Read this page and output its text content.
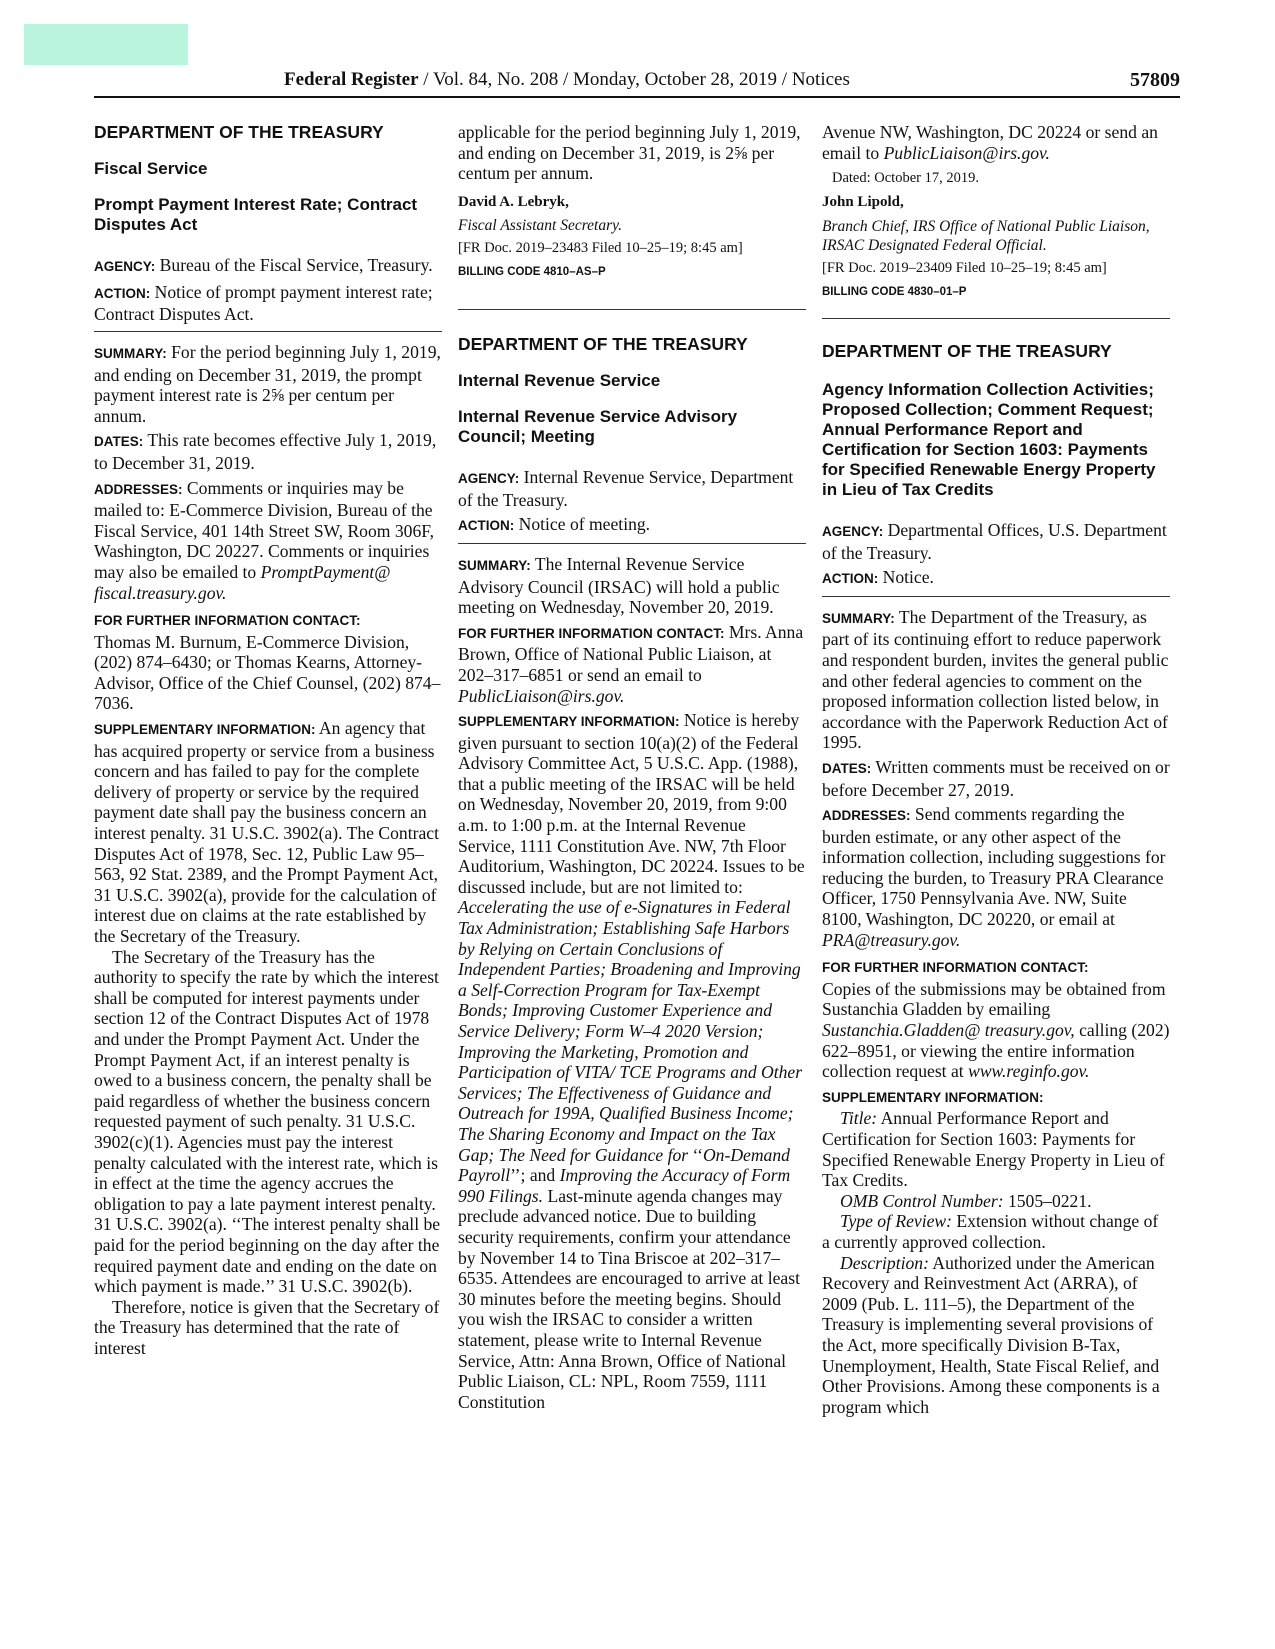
Federal Register / Vol. 84, No. 208 / Monday, October 28, 2019 / Notices	57809

DEPARTMENT OF THE TREASURY

Fiscal Service

Prompt Payment Interest Rate; Contract Disputes Act

AGENCY: Bureau of the Fiscal Service, Treasury.

ACTION: Notice of prompt payment interest rate; Contract Disputes Act.

SUMMARY: For the period beginning July 1, 2019, and ending on December 31, 2019, the prompt payment interest rate is 2⅝ per centum per annum.

DATES: This rate becomes effective July 1, 2019, to December 31, 2019.

ADDRESSES: Comments or inquiries may be mailed to: E-Commerce Division, Bureau of the Fiscal Service, 401 14th Street SW, Room 306F, Washington, DC 20227. Comments or inquiries may also be emailed to PromptPayment@ fiscal.treasury.gov.

FOR FURTHER INFORMATION CONTACT:

Thomas M. Burnum, E-Commerce Division, (202) 874–6430; or Thomas Kearns, Attorney-Advisor, Office of the Chief Counsel, (202) 874–7036.

SUPPLEMENTARY INFORMATION: An agency that has acquired property or service from a business concern and has failed to pay for the complete delivery of property or service by the required payment date shall pay the business concern an interest penalty. 31 U.S.C. 3902(a). The Contract Disputes Act of 1978, Sec. 12, Public Law 95–563, 92 Stat. 2389, and the Prompt Payment Act, 31 U.S.C. 3902(a), provide for the calculation of interest due on claims at the rate established by the Secretary of the Treasury.

The Secretary of the Treasury has the authority to specify the rate by which the interest shall be computed for interest payments under section 12 of the Contract Disputes Act of 1978 and under the Prompt Payment Act. Under the Prompt Payment Act, if an interest penalty is owed to a business concern, the penalty shall be paid regardless of whether the business concern requested payment of such penalty. 31 U.S.C. 3902(c)(1). Agencies must pay the interest penalty calculated with the interest rate, which is in effect at the time the agency accrues the obligation to pay a late payment interest penalty. 31 U.S.C. 3902(a). ‘‘The interest penalty shall be paid for the period beginning on the day after the required payment date and ending on the date on which payment is made.’’ 31 U.S.C. 3902(b).

Therefore, notice is given that the Secretary of the Treasury has determined that the rate of interest

applicable for the period beginning July 1, 2019, and ending on December 31, 2019, is 2⅝ per centum per annum.

David A. Lebryk,

Fiscal Assistant Secretary.

[FR Doc. 2019–23483 Filed 10–25–19; 8:45 am]

BILLING CODE 4810–AS–P

DEPARTMENT OF THE TREASURY

Internal Revenue Service

Internal Revenue Service Advisory Council; Meeting

AGENCY: Internal Revenue Service, Department of the Treasury.

ACTION: Notice of meeting.

SUMMARY: The Internal Revenue Service Advisory Council (IRSAC) will hold a public meeting on Wednesday, November 20, 2019.

FOR FURTHER INFORMATION CONTACT: Mrs. Anna Brown, Office of National Public Liaison, at 202–317–6851 or send an email to PublicLiaison@irs.gov.

SUPPLEMENTARY INFORMATION: Notice is hereby given pursuant to section 10(a)(2) of the Federal Advisory Committee Act, 5 U.S.C. App. (1988), that a public meeting of the IRSAC will be held on Wednesday, November 20, 2019, from 9:00 a.m. to 1:00 p.m. at the Internal Revenue Service, 1111 Constitution Ave. NW, 7th Floor Auditorium, Washington, DC 20224. Issues to be discussed include, but are not limited to: Accelerating the use of e-Signatures in Federal Tax Administration; Establishing Safe Harbors by Relying on Certain Conclusions of Independent Parties; Broadening and Improving a Self-Correction Program for Tax-Exempt Bonds; Improving Customer Experience and Service Delivery; Form W–4 2020 Version; Improving the Marketing, Promotion and Participation of VITA/ TCE Programs and Other Services; The Effectiveness of Guidance and Outreach for 199A, Qualified Business Income; The Sharing Economy and Impact on the Tax Gap; The Need for Guidance for ‘‘On-Demand Payroll’’; and Improving the Accuracy of Form 990 Filings. Last-minute agenda changes may preclude advanced notice. Due to building security requirements, confirm your attendance by November 14 to Tina Briscoe at 202–317–6535. Attendees are encouraged to arrive at least 30 minutes before the meeting begins. Should you wish the IRSAC to consider a written statement, please write to Internal Revenue Service, Attn: Anna Brown, Office of National Public Liaison, CL: NPL, Room 7559, 1111 Constitution

Avenue NW, Washington, DC 20224 or send an email to PublicLiaison@irs.gov.

Dated: October 17, 2019.

John Lipold,

Branch Chief, IRS Office of National Public Liaison, IRSAC Designated Federal Official.

[FR Doc. 2019–23409 Filed 10–25–19; 8:45 am]

BILLING CODE 4830–01–P

DEPARTMENT OF THE TREASURY

Agency Information Collection Activities; Proposed Collection; Comment Request; Annual Performance Report and Certification for Section 1603: Payments for Specified Renewable Energy Property in Lieu of Tax Credits

AGENCY: Departmental Offices, U.S. Department of the Treasury.

ACTION: Notice.

SUMMARY: The Department of the Treasury, as part of its continuing effort to reduce paperwork and respondent burden, invites the general public and other federal agencies to comment on the proposed information collection listed below, in accordance with the Paperwork Reduction Act of 1995.

DATES: Written comments must be received on or before December 27, 2019.

ADDRESSES: Send comments regarding the burden estimate, or any other aspect of the information collection, including suggestions for reducing the burden, to Treasury PRA Clearance Officer, 1750 Pennsylvania Ave. NW, Suite 8100, Washington, DC 20220, or email at PRA@treasury.gov.

FOR FURTHER INFORMATION CONTACT:

Copies of the submissions may be obtained from Sustanchia Gladden by emailing Sustanchia.Gladden@ treasury.gov, calling (202) 622–8951, or viewing the entire information collection request at www.reginfo.gov.

SUPPLEMENTARY INFORMATION:

Title: Annual Performance Report and Certification for Section 1603: Payments for Specified Renewable Energy Property in Lieu of Tax Credits.

OMB Control Number: 1505–0221.

Type of Review: Extension without change of a currently approved collection.

Description: Authorized under the American Recovery and Reinvestment Act (ARRA), of 2009 (Pub. L. 111–5), the Department of the Treasury is implementing several provisions of the Act, more specifically Division B-Tax, Unemployment, Health, State Fiscal Relief, and Other Provisions. Among these components is a program which
